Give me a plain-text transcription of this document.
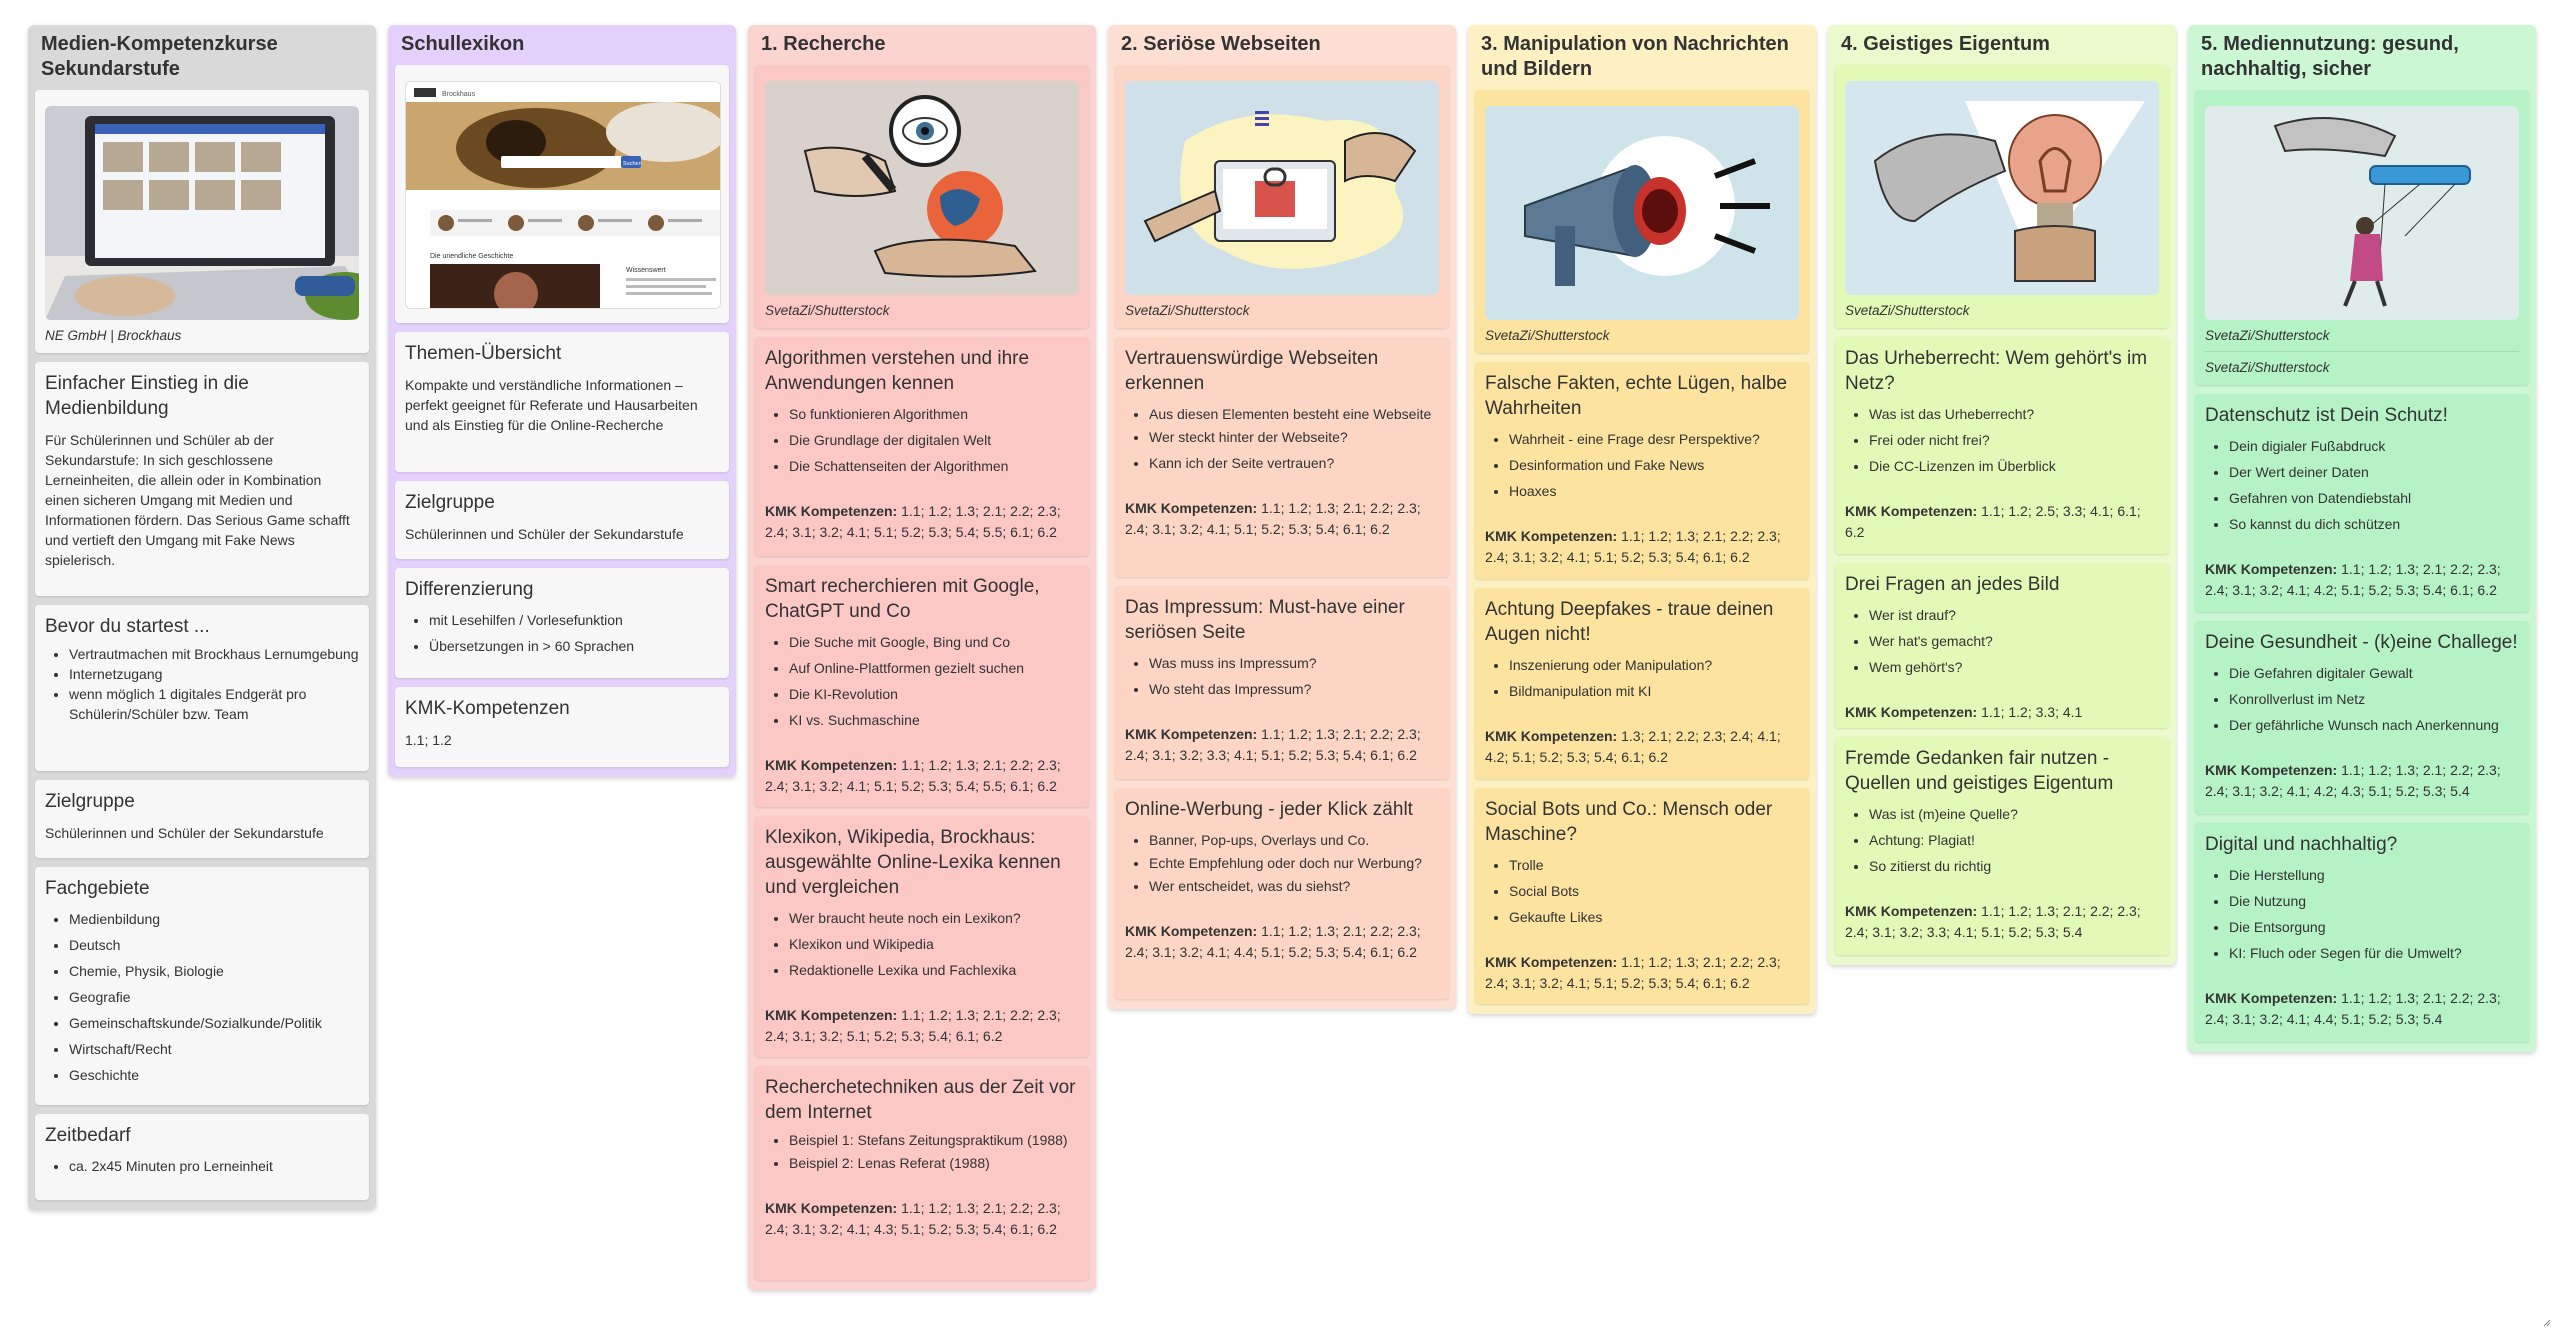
Medien-Kompetenzkurse Sekundarstufe
NE GmbH | Brockhaus
Einfacher Einstieg in die Medienbildung
Für Schülerinnen und Schüler ab der Sekundarstufe: In sich geschlossene Lerneinheiten, die allein oder in Kombination einen sicheren Umgang mit Medien und Informationen fördern. Das Serious Game schafft und vertieft den Umgang mit Fake News spielerisch.
Bevor du startest ...
• Vertrautmachen mit Brockhaus Lernumgebung
• Internetzugang
• wenn möglich 1 digitales Endgerät pro Schülerin/Schüler bzw. Team
Zielgruppe
Schülerinnen und Schüler der Sekundarstufe
Fachgebiete
• Medienbildung
• Deutsch
• Chemie, Physik, Biologie
• Geografie
• Gemeinschaftskunde/Sozialkunde/Politik
• Wirtschaft/Recht
• Geschichte
Zeitbedarf
• ca. 2x45 Minuten pro Lerneinheit
Schullexikon
Brockhaus
Suchen
Die unendliche Geschichte
Wissenswert
Themen-Übersicht
Kompakte und verständliche Informationen – perfekt geeignet für Referate und Hausarbeiten und als Einstieg für die Online-Recherche
Zielgruppe
Schülerinnen und Schüler der Sekundarstufe
Differenzierung
• mit Lesehilfen / Vorlesefunktion
• Übersetzungen in > 60 Sprachen
KMK-Kompetenzen
1.1; 1.2
1. Recherche
SvetaZi/Shutterstock
Algorithmen verstehen und ihre Anwendungen kennen
• So funktionieren Algorithmen
• Die Grundlage der digitalen Welt
• Die Schattenseiten der Algorithmen
KMK Kompetenzen: 1.1; 1.2; 1.3; 2.1; 2.2; 2.3; 2.4; 3.1; 3.2; 4.1; 5.1; 5.2; 5.3; 5.4; 5.5; 6.1; 6.2
Smart recherchieren mit Google, ChatGPT und Co
• Die Suche mit Google, Bing und Co
• Auf Online-Plattformen gezielt suchen
• Die KI-Revolution
• KI vs. Suchmaschine
KMK Kompetenzen: 1.1; 1.2; 1.3; 2.1; 2.2; 2.3; 2.4; 3.1; 3.2; 4.1; 5.1; 5.2; 5.3; 5.4; 5.5; 6.1; 6.2
Klexikon, Wikipedia, Brockhaus: ausgewählte Online-Lexika kennen und vergleichen
• Wer braucht heute noch ein Lexikon?
• Klexikon und Wikipedia
• Redaktionelle Lexika und Fachlexika
KMK Kompetenzen: 1.1; 1.2; 1.3; 2.1; 2.2; 2.3; 2.4; 3.1; 3.2; 5.1; 5.2; 5.3; 5.4; 6.1; 6.2
Recherchetechniken aus der Zeit vor dem Internet
• Beispiel 1: Stefans Zeitungspraktikum (1988)
• Beispiel 2: Lenas Referat (1988)
KMK Kompetenzen: 1.1; 1.2; 1.3; 2.1; 2.2; 2.3; 2.4; 3.1; 3.2; 4.1; 4.3; 5.1; 5.2; 5.3; 5.4; 6.1; 6.2
2. Seriöse Webseiten
SvetaZi/Shutterstock
Vertrauenswürdige Webseiten erkennen
• Aus diesen Elementen besteht eine Webseite
• Wer steckt hinter der Webseite?
• Kann ich der Seite vertrauen?
KMK Kompetenzen: 1.1; 1.2; 1.3; 2.1; 2.2; 2.3; 2.4; 3.1; 3.2; 4.1; 5.1; 5.2; 5.3; 5.4; 6.1; 6.2
Das Impressum: Must-have einer seriösen Seite
• Was muss ins Impressum?
• Wo steht das Impressum?
KMK Kompetenzen: 1.1; 1.2; 1.3; 2.1; 2.2; 2.3; 2.4; 3.1; 3.2; 3.3; 4.1; 5.1; 5.2; 5.3; 5.4; 6.1; 6.2
Online-Werbung - jeder Klick zählt
• Banner, Pop-ups, Overlays und Co.
• Echte Empfehlung oder doch nur Werbung?
• Wer entscheidet, was du siehst?
KMK Kompetenzen: 1.1; 1.2; 1.3; 2.1; 2.2; 2.3; 2.4; 3.1; 3.2; 4.1; 4.4; 5.1; 5.2; 5.3; 5.4; 6.1; 6.2
3. Manipulation von Nachrichten und Bildern
SvetaZi/Shutterstock
Falsche Fakten, echte Lügen, halbe Wahrheiten
• Wahrheit - eine Frage desr Perspektive?
• Desinformation und Fake News
• Hoaxes
KMK Kompetenzen: 1.1; 1.2; 1.3; 2.1; 2.2; 2.3; 2.4; 3.1; 3.2; 4.1; 5.1; 5.2; 5.3; 5.4; 6.1; 6.2
Achtung Deepfakes - traue deinen Augen nicht!
• Inszenierung oder Manipulation?
• Bildmanipulation mit KI
KMK Kompetenzen: 1.3; 2.1; 2.2; 2.3; 2.4; 4.1; 4.2; 5.1; 5.2; 5.3; 5.4; 6.1; 6.2
Social Bots und Co.: Mensch oder Maschine?
• Trolle
• Social Bots
• Gekaufte Likes
KMK Kompetenzen: 1.1; 1.2; 1.3; 2.1; 2.2; 2.3; 2.4; 3.1; 3.2; 4.1; 5.1; 5.2; 5.3; 5.4; 6.1; 6.2
4. Geistiges Eigentum
SvetaZi/Shutterstock
Das Urheberrecht: Wem gehört's im Netz?
• Was ist das Urheberrecht?
• Frei oder nicht frei?
• Die CC-Lizenzen im Überblick
KMK Kompetenzen: 1.1; 1.2; 2.5; 3.3; 4.1; 6.1; 6.2
Drei Fragen an jedes Bild
• Wer ist drauf?
• Wer hat's gemacht?
• Wem gehört's?
KMK Kompetenzen: 1.1; 1.2; 3.3; 4.1
Fremde Gedanken fair nutzen - Quellen und geistiges Eigentum
• Was ist (m)eine Quelle?
• Achtung: Plagiat!
• So zitierst du richtig
KMK Kompetenzen: 1.1; 1.2; 1.3; 2.1; 2.2; 2.3; 2.4; 3.1; 3.2; 3.3; 4.1; 5.1; 5.2; 5.3; 5.4
5. Mediennutzung: gesund, nachhaltig, sicher
SvetaZi/Shutterstock
SvetaZi/Shutterstock
Datenschutz ist Dein Schutz!
• Dein digialer Fußabdruck
• Der Wert deiner Daten
• Gefahren von Datendiebstahl
• So kannst du dich schützen
KMK Kompetenzen: 1.1; 1.2; 1.3; 2.1; 2.2; 2.3; 2.4; 3.1; 3.2; 4.1; 4.2; 5.1; 5.2; 5.3; 5.4; 6.1; 6.2
Deine Gesundheit - (k)eine Challege!
• Die Gefahren digitaler Gewalt
• Konrollverlust im Netz
• Der gefährliche Wunsch nach Anerkennung
KMK Kompetenzen: 1.1; 1.2; 1.3; 2.1; 2.2; 2.3; 2.4; 3.1; 3.2; 4.1; 4.2; 4.3; 5.1; 5.2; 5.3; 5.4
Digital und nachhaltig?
• Die Herstellung
• Die Nutzung
• Die Entsorgung
• KI: Fluch oder Segen für die Umwelt?
KMK Kompetenzen: 1.1; 1.2; 1.3; 2.1; 2.2; 2.3; 2.4; 3.1; 3.2; 4.1; 4.4; 5.1; 5.2; 5.3; 5.4
